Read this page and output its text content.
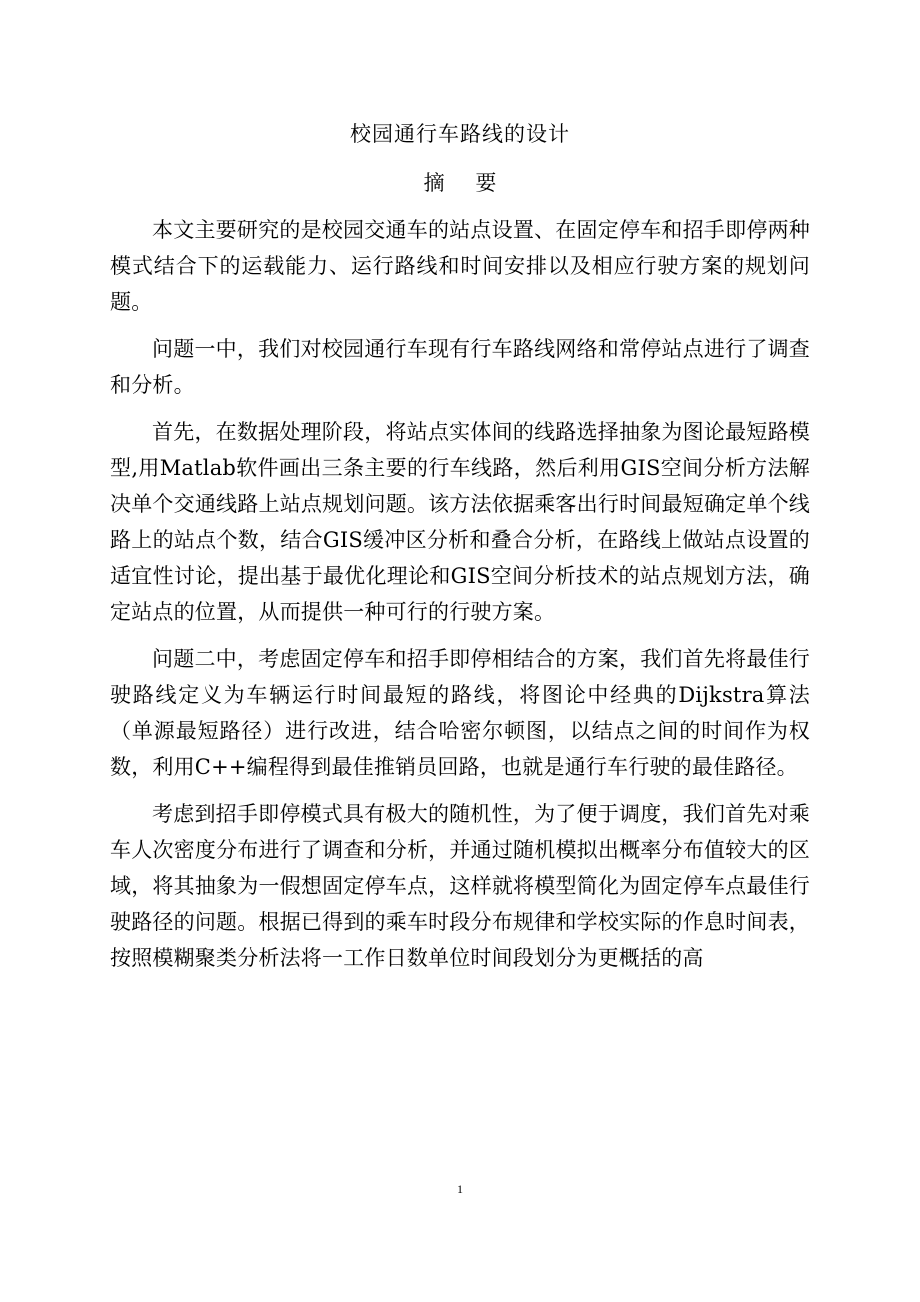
校园通行车路线的设计
摘 要

本文主要研究的是校园交通车的站点设置、在固定停车和招手即停两种模式结合下的运载能力、运行路线和时间安排以及相应行驶方案的规划问题。

问题一中，我们对校园通行车现有行车路线网络和常停站点进行了调查和分析。

首先，在数据处理阶段，将站点实体间的线路选择抽象为图论最短路模型,用Matlab软件画出三条主要的行车线路，然后利用GIS空间分析方法解决单个交通线路上站点规划问题。该方法依据乘客出行时间最短确定单个线路上的站点个数，结合GIS缓冲区分析和叠合分析，在路线上做站点设置的适宜性讨论，提出基于最优化理论和GIS空间分析技术的站点规划方法，确定站点的位置，从而提供一种可行的行驶方案。

问题二中，考虑固定停车和招手即停相结合的方案，我们首先将最佳行驶路线定义为车辆运行时间最短的路线，将图论中经典的Dijkstra算法（单源最短路径）进行改进，结合哈密尔顿图，以结点之间的时间作为权数，利用C++编程得到最佳推销员回路，也就是通行车行驶的最佳路径。

考虑到招手即停模式具有极大的随机性，为了便于调度，我们首先对乘车人次密度分布进行了调查和分析，并通过随机模拟出概率分布值较大的区域，将其抽象为一假想固定停车点，这样就将模型简化为固定停车点最佳行驶路径的问题。根据已得到的乘车时段分布规律和学校实际的作息时间表，按照模糊聚类分析法将一工作日数单位时间段划分为更概括的高

1
